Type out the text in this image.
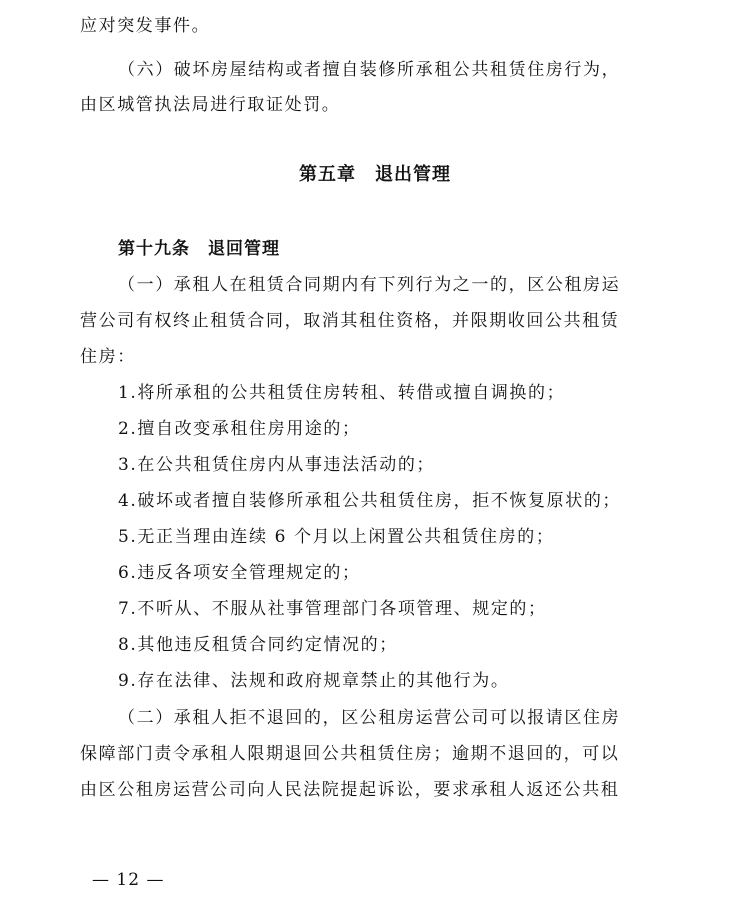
应对突发事件。
（六）破坏房屋结构或者擅自装修所承租公共租赁住房行为，
由区城管执法局进行取证处罚。
第五章　退出管理
第十九条　退回管理
（一）承租人在租赁合同期内有下列行为之一的，区公租房运
营公司有权终止租赁合同，取消其租住资格，并限期收回公共租赁
住房：
1.将所承租的公共租赁住房转租、转借或擅自调换的；
2.擅自改变承租住房用途的；
3.在公共租赁住房内从事违法活动的；
4.破坏或者擅自装修所承租公共租赁住房，拒不恢复原状的；
5.无正当理由连续 6 个月以上闲置公共租赁住房的；
6.违反各项安全管理规定的；
7.不听从、不服从社事管理部门各项管理、规定的；
8.其他违反租赁合同约定情况的；
9.存在法律、法规和政府规章禁止的其他行为。
（二）承租人拒不退回的，区公租房运营公司可以报请区住房
保障部门责令承租人限期退回公共租赁住房；逾期不退回的，可以
由区公租房运营公司向人民法院提起诉讼，要求承租人返还公共租
— 12 —
